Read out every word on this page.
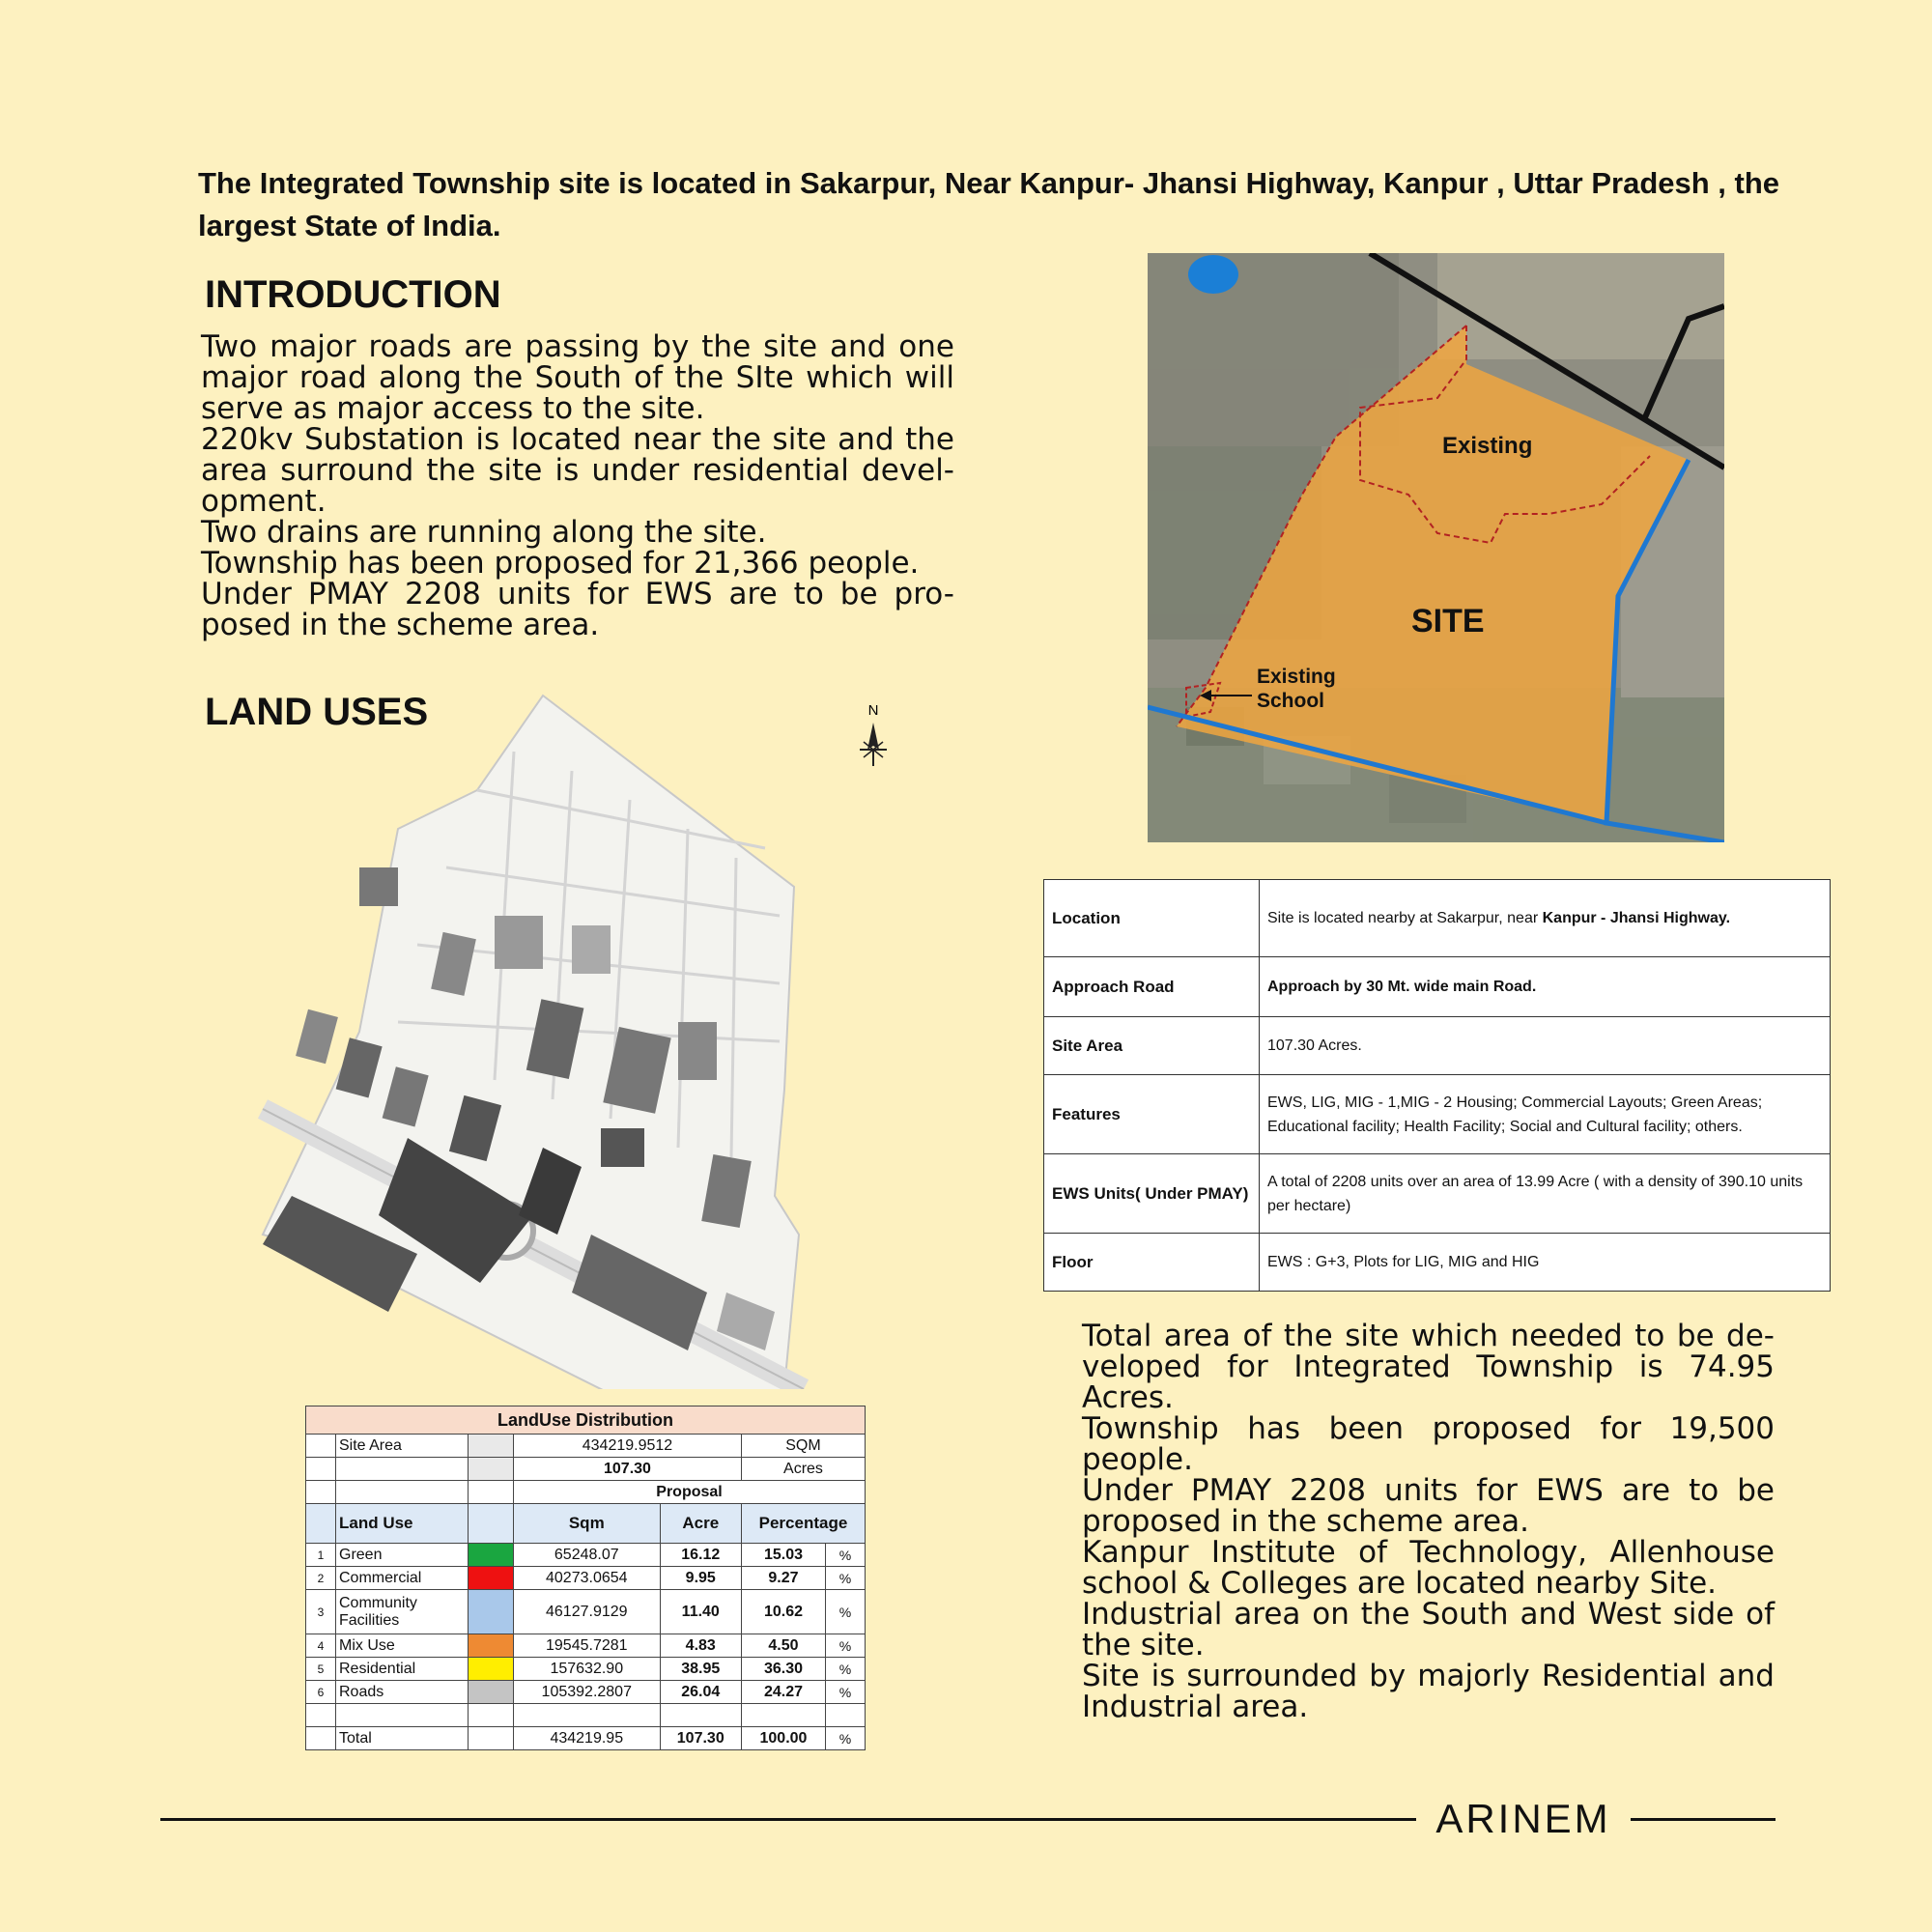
The Integrated Township site is located in Sakarpur, Near Kanpur- Jhansi Highway, Kanpur , Uttar Pradesh , the largest State of India.

INTRODUCTION
Two major roads are passing by the site and one major road along the South of the SIte which will serve as major access to the site.
220kv Substation is located near the site and the area surround the site is under residential devel-opment.
Two drains are running along the site.
Township has been proposed for 21,366 people.
Under PMAY 2208 units for EWS are to be pro-posed in the scheme area.
LAND USES	N
Existing
SITE
Existing
School
Location	Site is located nearby at Sakarpur, near Kanpur - Jhansi Highway.
Approach Road	Approach by 30 Mt. wide main Road.
Site Area	107.30 Acres.
Features	EWS, LIG, MIG - 1,MIG - 2 Housing; Commercial Layouts; Green Areas; Educational facility; Health Facility; Social and Cultural facility; others.
EWS Units( Under PMAY)	A total of 2208 units over an area of 13.99 Acre ( with a density of 390.10 units per hectare)
Floor	EWS : G+3, Plots for LIG, MIG and HIG
LandUse Distribution						
	Site Area		434219.9512		SQM	
			107.30		Acres	
			Proposal			
	Land Use		Sqm	Acre	Percentage	
1	Green		65248.07	16.12	15.03	%
2	Commercial		40273.0654	9.95	9.27	%
3	Community Facilities		46127.9129	11.40	10.62	%
4	Mix Use		19545.7281	4.83	4.50	%
5	Residential		157632.90	38.95	36.30	%
6	Roads		105392.2807	26.04	24.27	%

	Total		434219.95	107.30	100.00	%
Total area of the site which needed to be de-veloped for Integrated Township is 74.95 Acres.
Township has been proposed for 19,500 people.
Under PMAY 2208 units for EWS are to be proposed in the scheme area.
Kanpur Institute of Technology, Allenhouse school & Colleges are located nearby Site.
Industrial area on the South and West side of the site.
Site is surrounded by majorly Residential and Industrial area.
ARINEM
